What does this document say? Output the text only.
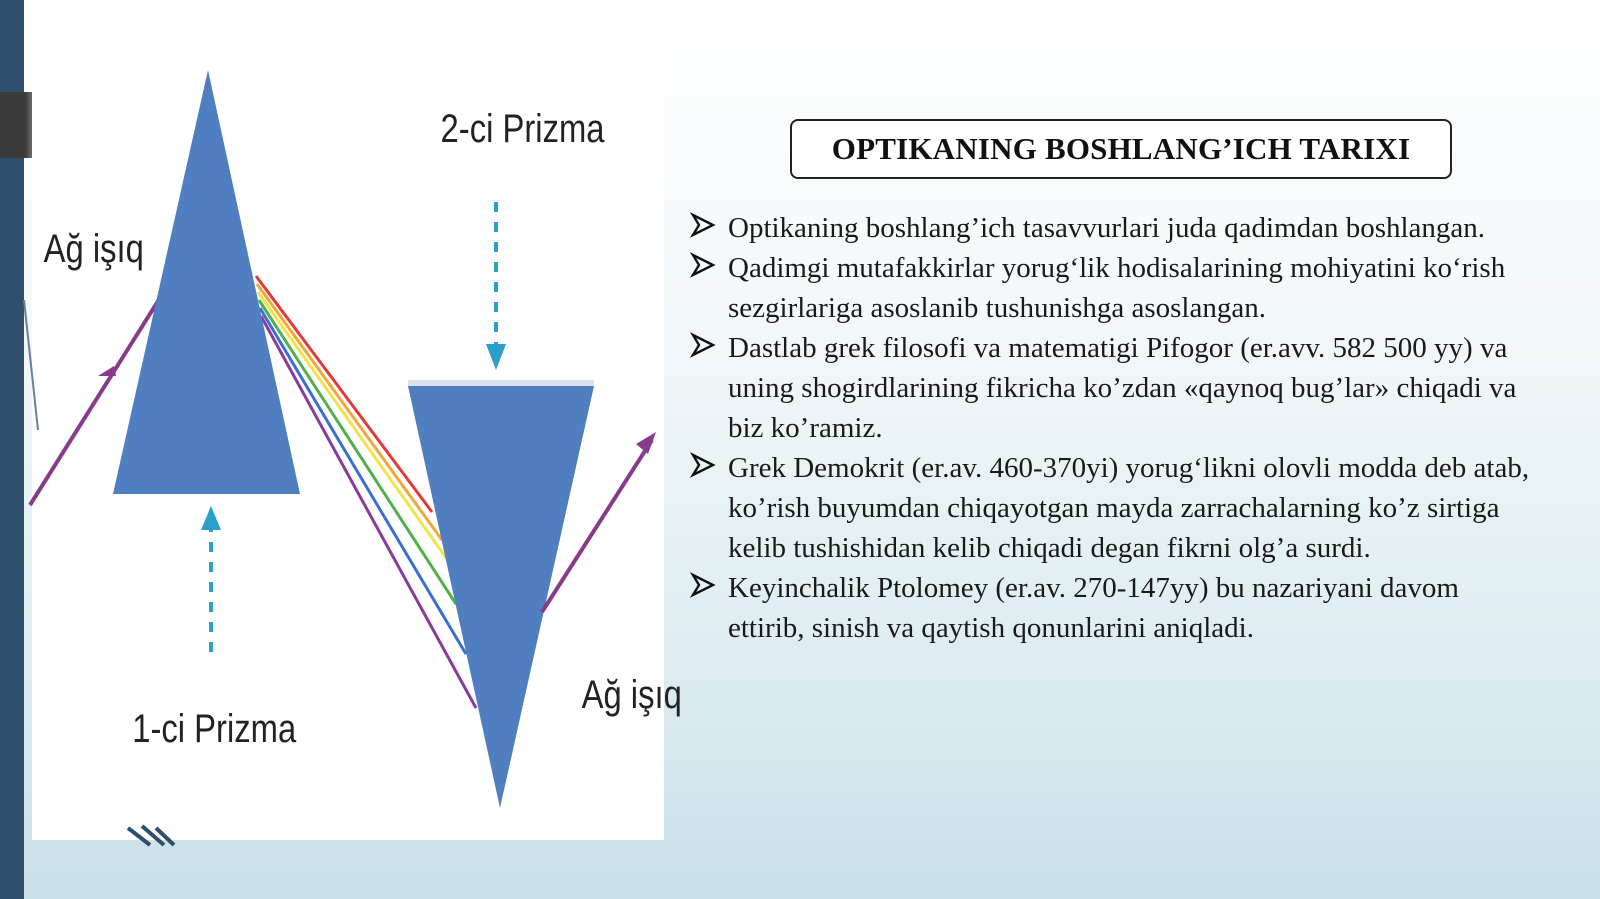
Ağ işıq
2-ci Prizma
1-ci Prizma
Ağ işıq
OPTIKANING BOSHLANG’ICH TARIXI
Optikaning boshlang’ich tasavvurlari juda qadimdan boshlangan.
Qadimgi mutafakkirlar yorug‘lik hodisalarining mohiyatini ko‘rish sezgirlariga asoslanib tushunishga asoslangan.
Dastlab grek filosofi va matematigi Pifogor (er.avv. 582 500 yy) va uning shogirdlarining fikricha ko’zdan «qaynoq bug’lar» chiqadi va biz ko’ramiz.
Grek Demokrit (er.av. 460-370yi) yorug‘likni olovli modda deb atab, ko’rish buyumdan chiqayotgan mayda zarrachalarning ko’z sirtiga kelib tushishidan kelib chiqadi degan fikrni olg’a surdi.
Keyinchalik Ptolomey (er.av. 270-147yy) bu nazariyani davom ettirib, sinish va qaytish qonunlarini aniqladi.
